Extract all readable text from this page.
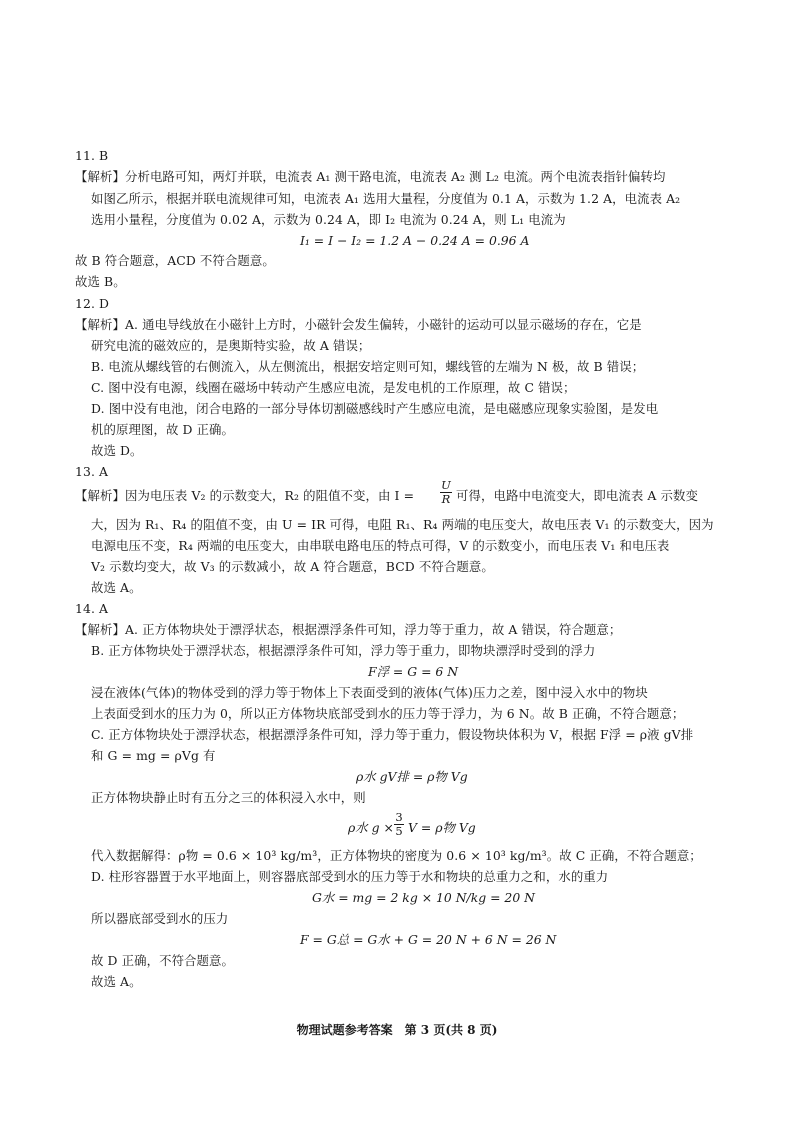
11. B
【解析】分析电路可知，两灯并联，电流表 A₁ 测干路电流，电流表 A₂ 测 L₂ 电流。两个电流表指针偏转均
如图乙所示，根据并联电流规律可知，电流表 A₁ 选用大量程，分度值为 0.1 A，示数为 1.2 A，电流表 A₂
选用小量程，分度值为 0.02 A，示数为 0.24 A，即 I₂ 电流为 0.24 A，则 L₁ 电流为
I₁ = I − I₂ = 1.2 A − 0.24 A = 0.96 A
故 B 符合题意，ACD 不符合题意。
故选 B。
12. D
【解析】A. 通电导线放在小磁针上方时，小磁针会发生偏转，小磁针的运动可以显示磁场的存在，它是
研究电流的磁效应的，是奥斯特实验，故 A 错误；
B. 电流从螺线管的右侧流入，从左侧流出，根据安培定则可知，螺线管的左端为 N 极，故 B 错误；
C. 图中没有电源，线圈在磁场中转动产生感应电流，是发电机的工作原理，故 C 错误；
D. 图中没有电池，闭合电路的一部分导体切割磁感线时产生感应电流，是电磁感应现象实验图，是发电
机的原理图，故 D 正确。
故选 D。
13. A
【解析】因为电压表 V₂ 的示数变大，R₂ 的阻值不变，由 $I = \frac{U}{R}$ 可得，电路中电流变大，即电流表 A 示数变
大，因为 R₁、R₄ 的阻值不变，由 U = IR 可得，电阻 R₁、R₄ 两端的电压变大，故电压表 V₁ 的示数变大，因为
电源电压不变，R₄ 两端的电压变大，由串联电路电压的特点可得，V 的示数变小，而电压表 V₁ 和电压表
V₂ 示数均变大，故 V₃ 的示数减小，故 A 符合题意，BCD 不符合题意。
故选 A。
14. A
【解析】A. 正方体物块处于漂浮状态，根据漂浮条件可知，浮力等于重力，故 A 错误，符合题意；
B. 正方体物块处于漂浮状态，根据漂浮条件可知，浮力等于重力，即物块漂浮时受到的浮力
F浮 = G = 6 N
浸在液体(气体)的物体受到的浮力等于物体上下表面受到的液体(气体)压力之差，图中浸入水中的物块
上表面受到水的压力为 0，所以正方体物块底部受到水的压力等于浮力，为 6 N。故 B 正确，不符合题意；
C. 正方体物块处于漂浮状态，根据漂浮条件可知，浮力等于重力，假设物块体积为 V，根据 F浮 = ρ液 gV排
和 G = mg = ρVg 有
ρ水 gV排 = ρ物 Vg
正方体物块静止时有五分之三的体积浸入水中，则
ρ水 $g \times \frac{3}{5}$ V = ρ物 Vg
代入数据解得：ρ物 = 0.6 × 10³ kg/m³，正方体物块的密度为 0.6 × 10³ kg/m³。故 C 正确，不符合题意；
D. 柱形容器置于水平地面上，则容器底部受到水的压力等于水和物块的总重力之和，水的重力
G水 = mg = 2 kg × 10 N/kg = 20 N
所以器底部受到水的压力
F = G总 = G水 + G = 20 N + 6 N = 26 N
故 D 正确，不符合题意。
故选 A。
物理试题参考答案　第 3 页(共 8 页)
